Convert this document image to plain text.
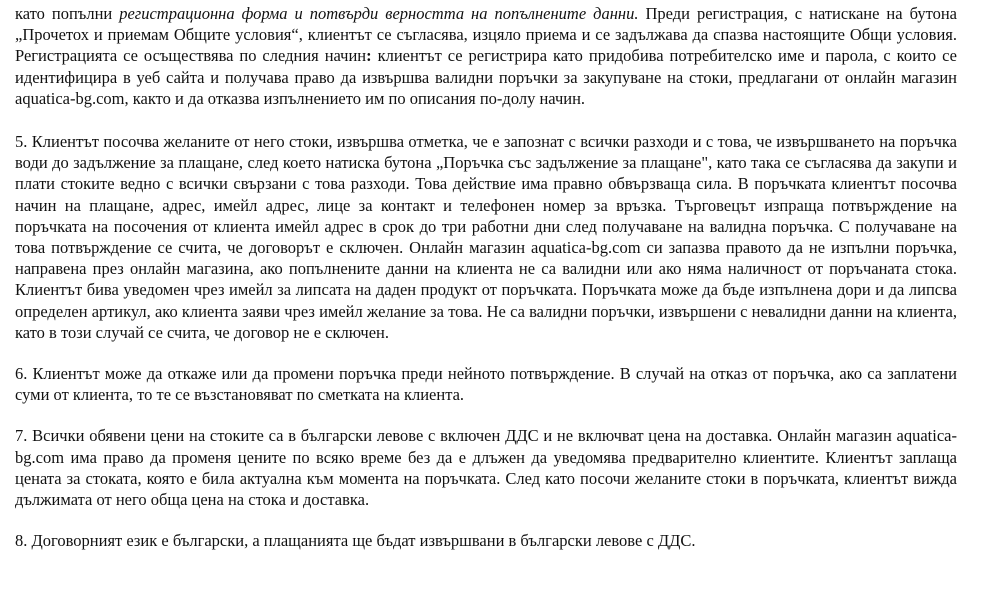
като попълни регистрационна форма и потвърди верността на попълнените данни. Преди регистрация, с натискане на бутона „Прочетох и приемам Общите условия“, клиентът се съгласява, изцяло приема и се задължава да спазва настоящите Общи условия. Регистрацията се осъществява по следния начин: клиентът се регистрира като придобива потребителско име и парола, с които се идентифицира в уеб сайта и получава право да извършва валидни поръчки за закупуване на стоки, предлагани от онлайн магазин aquatica-bg.com, както и да отказва изпълнението им по описания по-долу начин.

5. Клиентът посочва желаните от него стоки, извършва отметка, че е запознат с всички разходи и с това, че извършването на поръчка води до задължение за плащане, след което натиска бутона „Поръчка със задължение за плащане", като така се съгласява да закупи и плати стоките ведно с всички свързани с това разходи. Това действие има правно обвързваща сила. В поръчката клиентът посочва начин на плащане, адрес, имейл адрес, лице за контакт и телефонен номер за връзка. Търговецът изпраща потвърждение на поръчката на посочения от клиента имейл адрес в срок до три работни дни след получаване на валидна поръчка. С получаване на това потвърждение се счита, че договорът е сключен. Онлайн магазин aquatica-bg.com си запазва правото да не изпълни поръчка, направена през онлайн магазина, ако попълнените данни на клиента не са валидни или ако няма наличност от поръчаната стока. Клиентът бива уведомен чрез имейл за липсата на даден продукт от поръчката. Поръчката може да бъде изпълнена дори и да липсва определен артикул, ако клиента заяви чрез имейл желание за това. Не са валидни поръчки, извършени с невалидни данни на клиента, като в този случай се счита, че договор не е сключен.

6. Клиентът може да откаже или да промени поръчка преди нейното потвърждение. В случай на отказ от поръчка, ако са заплатени суми от клиента, то те се възстановяват по сметката на клиента.

7. Всички обявени цени на стоките са в български левове с включен ДДС и не включват цена на доставка. Онлайн магазин aquatica-bg.com има право да променя цените по всяко време без да е длъжен да уведомява предварително клиентите. Клиентът заплаща цената за стоката, която е била актуална към момента на поръчката. След като посочи желаните стоки в поръчката, клиентът вижда дължимата от него обща цена на стока и доставка.

8. Договорният език е български, а плащанията ще бъдат извършвани в български левове с ДДС.
